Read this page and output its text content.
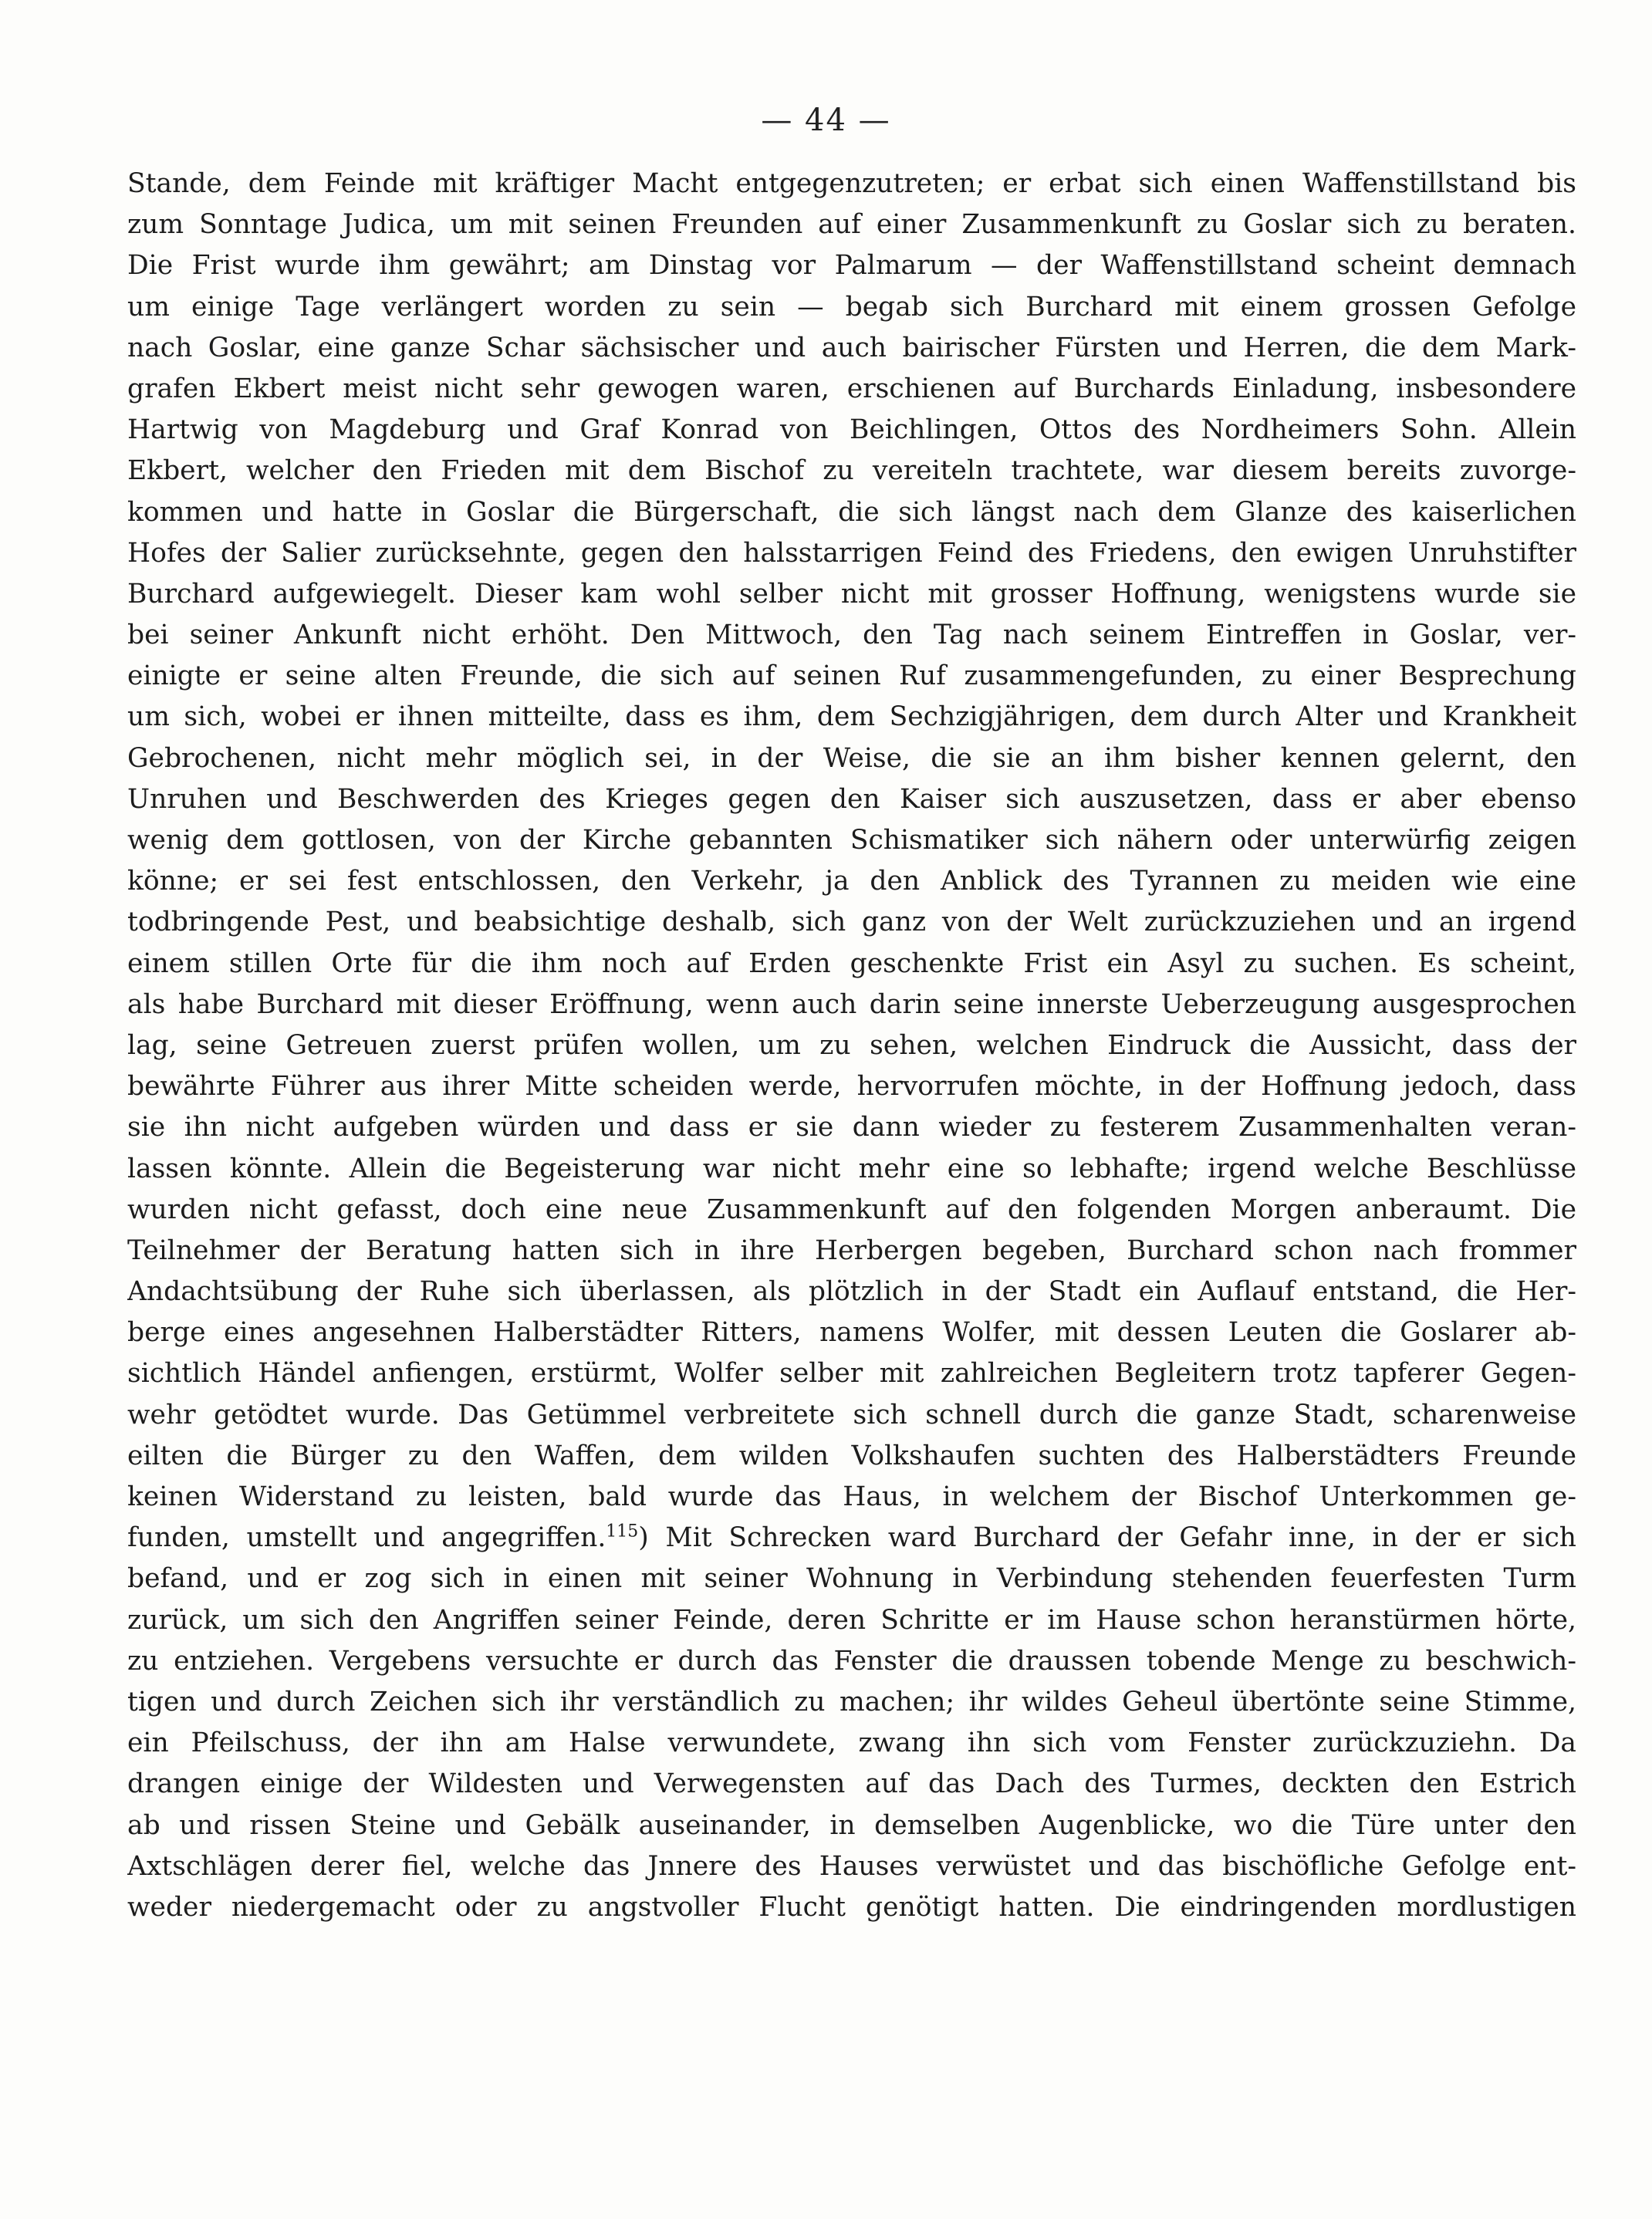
— 44 —
Stande, dem Feinde mit kräftiger Macht entgegenzutreten; er erbat sich einen Waffenstillstand bis
zum Sonntage Judica, um mit seinen Freunden auf einer Zusammenkunft zu Goslar sich zu beraten.
Die Frist wurde ihm gewährt; am Dinstag vor Palmarum — der Waffenstillstand scheint demnach
um einige Tage verlängert worden zu sein — begab sich Burchard mit einem grossen Gefolge
nach Goslar, eine ganze Schar sächsischer und auch bairischer Fürsten und Herren, die dem Mark-
grafen Ekbert meist nicht sehr gewogen waren, erschienen auf Burchards Einladung, insbesondere
Hartwig von Magdeburg und Graf Konrad von Beichlingen, Ottos des Nordheimers Sohn. Allein
Ekbert, welcher den Frieden mit dem Bischof zu vereiteln trachtete, war diesem bereits zuvorge-
kommen und hatte in Goslar die Bürgerschaft, die sich längst nach dem Glanze des kaiserlichen
Hofes der Salier zurücksehnte, gegen den halsstarrigen Feind des Friedens, den ewigen Unruhstifter
Burchard aufgewiegelt. Dieser kam wohl selber nicht mit grosser Hoffnung, wenigstens wurde sie
bei seiner Ankunft nicht erhöht. Den Mittwoch, den Tag nach seinem Eintreffen in Goslar, ver-
einigte er seine alten Freunde, die sich auf seinen Ruf zusammengefunden, zu einer Besprechung
um sich, wobei er ihnen mitteilte, dass es ihm, dem Sechzigjährigen, dem durch Alter und Krankheit
Gebrochenen, nicht mehr möglich sei, in der Weise, die sie an ihm bisher kennen gelernt, den
Unruhen und Beschwerden des Krieges gegen den Kaiser sich auszusetzen, dass er aber ebenso
wenig dem gottlosen, von der Kirche gebannten Schismatiker sich nähern oder unterwürfig zeigen
könne; er sei fest entschlossen, den Verkehr, ja den Anblick des Tyrannen zu meiden wie eine
todbringende Pest, und beabsichtige deshalb, sich ganz von der Welt zurückzuziehen und an irgend
einem stillen Orte für die ihm noch auf Erden geschenkte Frist ein Asyl zu suchen. Es scheint,
als habe Burchard mit dieser Eröffnung, wenn auch darin seine innerste Ueberzeugung ausgesprochen
lag, seine Getreuen zuerst prüfen wollen, um zu sehen, welchen Eindruck die Aussicht, dass der
bewährte Führer aus ihrer Mitte scheiden werde, hervorrufen möchte, in der Hoffnung jedoch, dass
sie ihn nicht aufgeben würden und dass er sie dann wieder zu festerem Zusammenhalten veran-
lassen könnte. Allein die Begeisterung war nicht mehr eine so lebhafte; irgend welche Beschlüsse
wurden nicht gefasst, doch eine neue Zusammenkunft auf den folgenden Morgen anberaumt. Die
Teilnehmer der Beratung hatten sich in ihre Herbergen begeben, Burchard schon nach frommer
Andachtsübung der Ruhe sich überlassen, als plötzlich in der Stadt ein Auflauf entstand, die Her-
berge eines angesehnen Halberstädter Ritters, namens Wolfer, mit dessen Leuten die Goslarer ab-
sichtlich Händel anfiengen, erstürmt, Wolfer selber mit zahlreichen Begleitern trotz tapferer Gegen-
wehr getödtet wurde. Das Getümmel verbreitete sich schnell durch die ganze Stadt, scharenweise
eilten die Bürger zu den Waffen, dem wilden Volkshaufen suchten des Halberstädters Freunde
keinen Widerstand zu leisten, bald wurde das Haus, in welchem der Bischof Unterkommen ge-
funden, umstellt und angegriffen.$^{115}$) Mit Schrecken ward Burchard der Gefahr inne, in der er sich
befand, und er zog sich in einen mit seiner Wohnung in Verbindung stehenden feuerfesten Turm
zurück, um sich den Angriffen seiner Feinde, deren Schritte er im Hause schon heranstürmen hörte,
zu entziehen. Vergebens versuchte er durch das Fenster die draussen tobende Menge zu beschwich-
tigen und durch Zeichen sich ihr verständlich zu machen; ihr wildes Geheul übertönte seine Stimme,
ein Pfeilschuss, der ihn am Halse verwundete, zwang ihn sich vom Fenster zurückzuziehn. Da
drangen einige der Wildesten und Verwegensten auf das Dach des Turmes, deckten den Estrich
ab und rissen Steine und Gebälk auseinander, in demselben Augenblicke, wo die Türe unter den
Axtschlägen derer fiel, welche das Jnnere des Hauses verwüstet und das bischöfliche Gefolge ent-
weder niedergemacht oder zu angstvoller Flucht genötigt hatten. Die eindringenden mordlustigen
